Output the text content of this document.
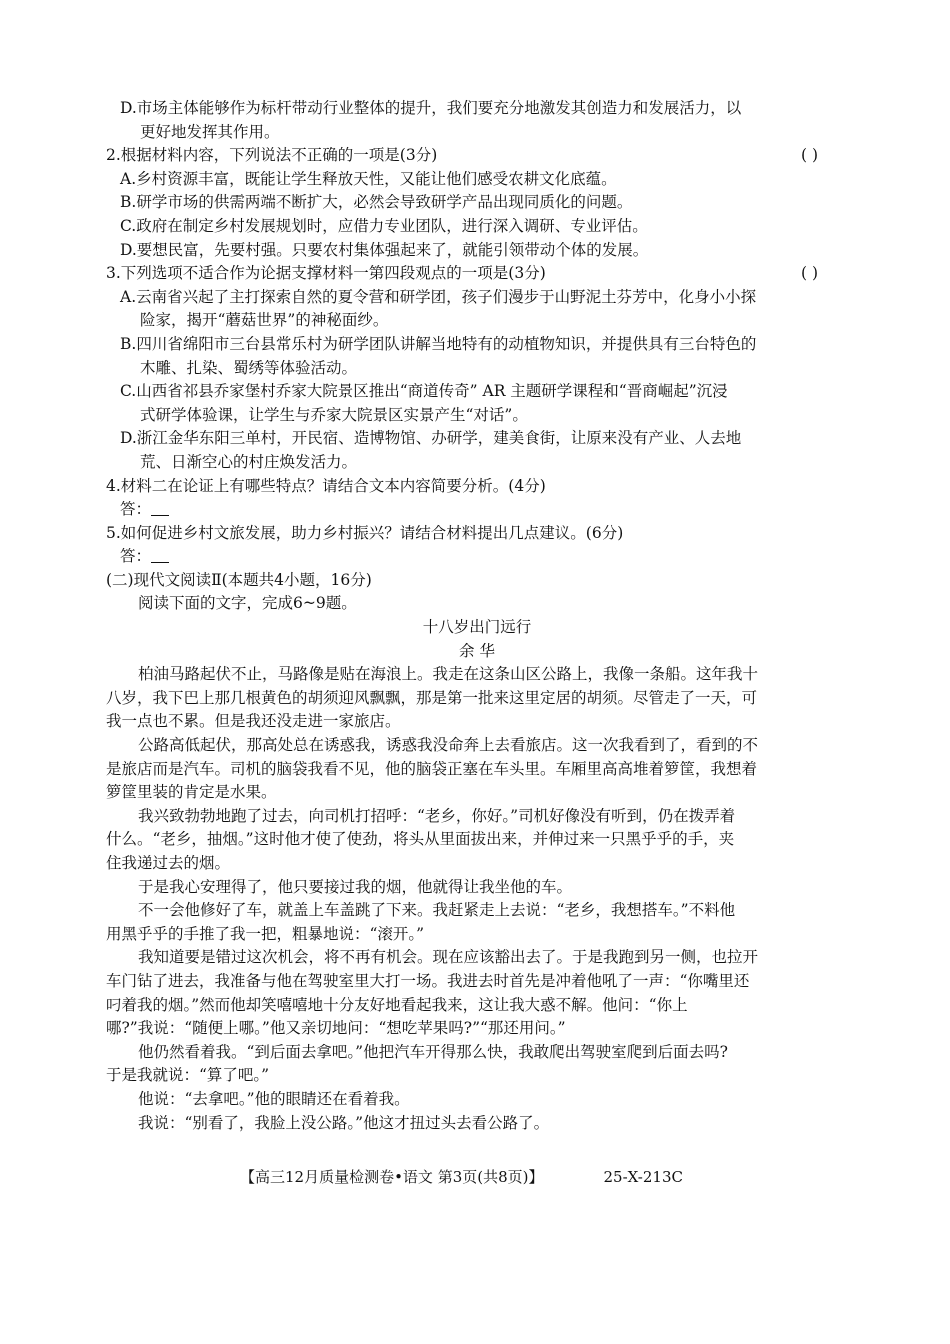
D.市场主体能够作为标杆带动行业整体的提升，我们要充分地激发其创造力和发展活力，以
更好地发挥其作用。
2.根据材料内容，下列说法不正确的一项是(3分)	( )
A.乡村资源丰富，既能让学生释放天性，又能让他们感受农耕文化底蕴。
B.研学市场的供需两端不断扩大，必然会导致研学产品出现同质化的问题。
C.政府在制定乡村发展规划时，应借力专业团队，进行深入调研、专业评估。
D.要想民富，先要村强。只要农村集体强起来了，就能引领带动个体的发展。
3.下列选项不适合作为论据支撑材料一第四段观点的一项是(3分)	( )
A.云南省兴起了主打探索自然的夏令营和研学团，孩子们漫步于山野泥土芬芳中，化身小小探
险家，揭开“蘑菇世界”的神秘面纱。
B.四川省绵阳市三台县常乐村为研学团队讲解当地特有的动植物知识，并提供具有三台特色的
木雕、扎染、蜀绣等体验活动。
C.山西省祁县乔家堡村乔家大院景区推出“商道传奇” AR 主题研学课程和“晋商崛起”沉浸
式研学体验课，让学生与乔家大院景区实景产生“对话”。
D.浙江金华东阳三单村，开民宿、造博物馆、办研学，建美食街，让原来没有产业、人去地
荒、日渐空心的村庄焕发活力。
4.材料二在论证上有哪些特点？请结合文本内容简要分析。(4分)
答：
5.如何促进乡村文旅发展，助力乡村振兴？请结合材料提出几点建议。(6分)
答：
(二)现代文阅读Ⅱ(本题共4小题，16分)
阅读下面的文字，完成6~9题。
十八岁出门远行
余 华
柏油马路起伏不止，马路像是贴在海浪上。我走在这条山区公路上，我像一条船。这年我十
八岁，我下巴上那几根黄色的胡须迎风飘飘，那是第一批来这里定居的胡须。尽管走了一天，可
我一点也不累。但是我还没走进一家旅店。
公路高低起伏，那高处总在诱惑我，诱惑我没命奔上去看旅店。这一次我看到了，看到的不
是旅店而是汽车。司机的脑袋我看不见，他的脑袋正塞在车头里。车厢里高高堆着箩筐，我想着
箩筐里装的肯定是水果。
我兴致勃勃地跑了过去，向司机打招呼：“老乡，你好。”司机好像没有听到，仍在拨弄着
什么。“老乡，抽烟。”这时他才使了使劲，将头从里面拔出来，并伸过来一只黑乎乎的手，夹
住我递过去的烟。
于是我心安理得了，他只要接过我的烟，他就得让我坐他的车。
不一会他修好了车，就盖上车盖跳了下来。我赶紧走上去说：“老乡，我想搭车。”不料他
用黑乎乎的手推了我一把，粗暴地说：“滚开。”
我知道要是错过这次机会，将不再有机会。现在应该豁出去了。于是我跑到另一侧，也拉开
车门钻了进去，我准备与他在驾驶室里大打一场。我进去时首先是冲着他吼了一声：“你嘴里还
叼着我的烟。”然而他却笑嘻嘻地十分友好地看起我来，这让我大惑不解。他问：“你上
哪?”我说：“随便上哪。”他又亲切地问：“想吃苹果吗?”“那还用问。”
他仍然看着我。“到后面去拿吧。”他把汽车开得那么快，我敢爬出驾驶室爬到后面去吗?
于是我就说：“算了吧。”
他说：“去拿吧。”他的眼睛还在看着我。
我说：“别看了，我脸上没公路。”他这才扭过头去看公路了。
【高三12月质量检测卷•语文 第3页(共8页)】	25-X-213C
